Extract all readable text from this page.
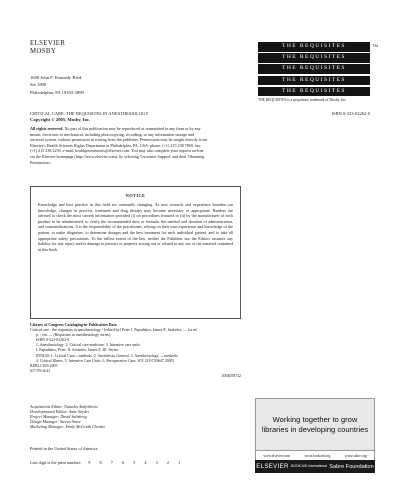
ELSEVIER
MOSBY
1600 John F. Kennedy Blvd.
Ste 1800
Philadelphia, PA 19103-2899
TM
THE REQUISITES
THE REQUISITES
THE REQUISITES
THE REQUISITES
THE REQUISITES
THE REQUISITES is a proprietary trademark of Mosby, Inc.
CRITICAL CARE: THE REQUISITES IN ANESTHESIOLOGY	ISBN 0-323-02262-0
Copyright © 2005, Mosby, Inc.
All rights reserved. No part of this publication may be reproduced or transmitted in any form or by any means, electronic or mechanical, including photocopying, recording, or any information storage and retrieval system, without permission in writing from the publisher. Permissions may be sought directly from Elsevier's Health Sciences Rights Department in Philadelphia, PA, USA: phone: (+1) 215 238 7869, fax: (+1) 215 238 2239, e-mail: healthpermissions@elsevier.com. You may also complete your request on-line via the Elsevier homepage (http://www.elsevier.com), by selecting 'Customer Support' and then 'Obtaining Permissions'.
NOTICE
Knowledge and best practice in this field are constantly changing. As new research and experience broaden our knowledge, changes in practice, treatment and drug therapy may become necessary or appropriate. Readers are advised to check the most current information provided (i) on procedures featured or (ii) by the manufacturer of each product to be administered, to verify the recommended dose or formula, the method and duration of administration, and contraindications. It is the responsibility of the practitioner, relying on their own experience and knowledge of the patient, to make diagnoses, to determine dosages and the best treatment for each individual patient, and to take all appropriate safety precautions. To the fullest extent of the law, neither the Publisher nor the Editors assumes any liability for any injury and/or damage to persons or property arising out or related to any use of the material contained in this book.
Library of Congress Cataloging-in-Publication Data
Critical care : the requisites in anesthesiology / [edited by] Peter J. Papadakos, James E. Szalados — 1st ed.
p. ; cm. — (Requisites in anesthesiology series)
ISBN 0-323-02262-0
1. Anesthesiology. 2. Critical care medicine. 3. Intensive care units.
I. Papadakos, Peter. II. Szalados, James E. III. Series.
[DNLM: 1. Critical Care—methods. 2. Anesthesia, General. 3. Anesthesiology — methods.
4. Critical Illness. 5. Intensive Care Units. 6. Perioperative Care. WX 218 C93647 2005]
RD82.C820 2005
617.9'6-dc22
2004058742
Acquisitions Editor: Natasha Andjelkovic
Developmental Editor: Anne Snyder
Project Manager: David Saltzberg
Design Manager: Steven Stave
Marketing Manager: Emily McGrath Christie
Printed in the United States of America
Last digit is the print number: 9 8 7 6 5 4 3 2 1
Working together to grow libraries in developing countries
www.elsevier.com	www.bookaid.org	www.sabre.org
ELSEVIER BOOK AID International Sabre Foundation
